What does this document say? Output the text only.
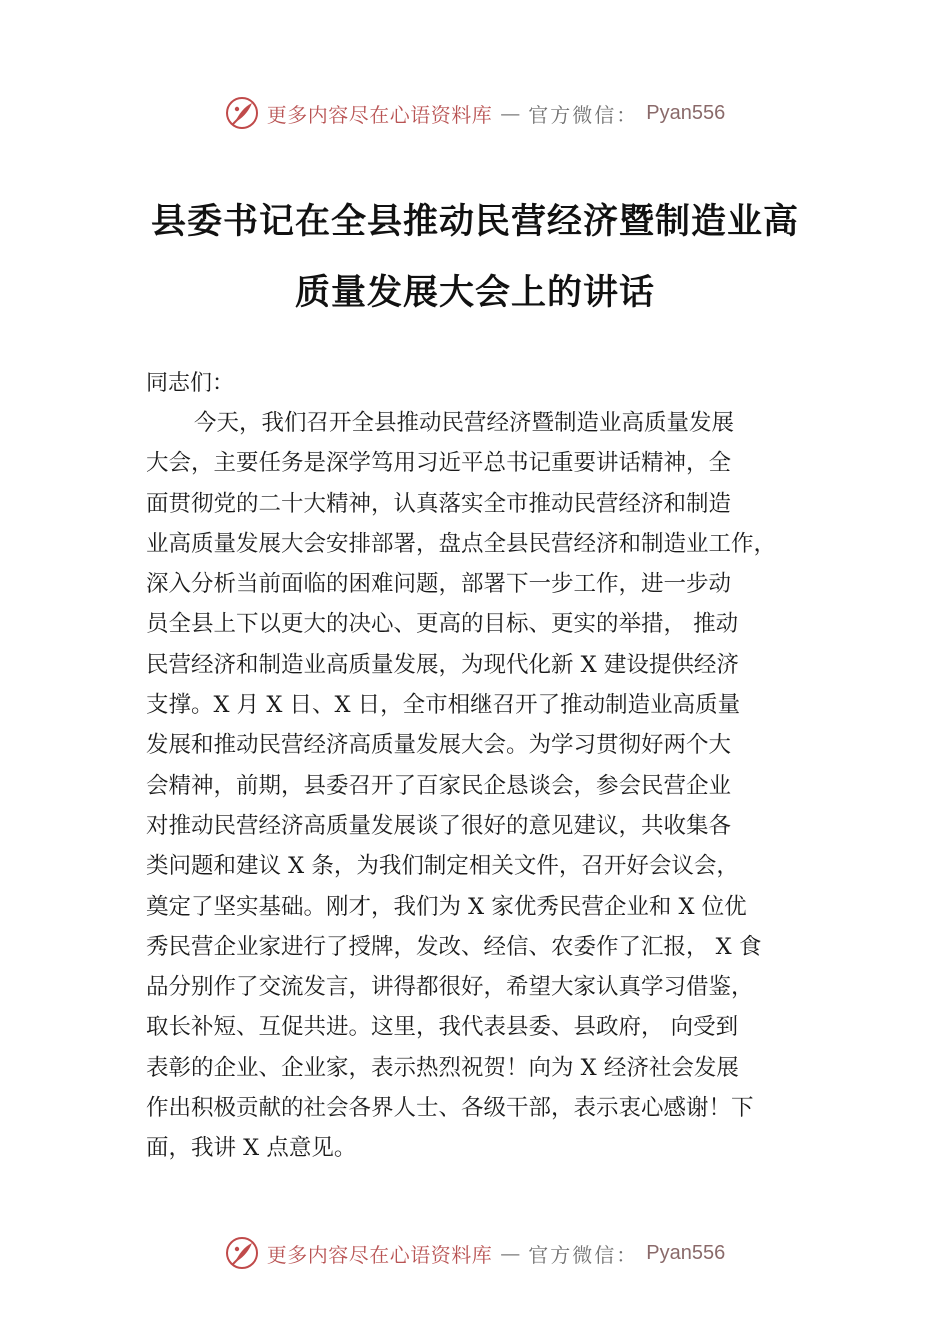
更多内容尽在心语资料库 — 官方微信： Pyan556
县委书记在全县推动民营经济暨制造业高
质量发展大会上的讲话
同志们：
今天，我们召开全县推动民营经济暨制造业高质量发展
大会，主要任务是深学笃用习近平总书记重要讲话精神，全
面贯彻党的二十大精神，认真落实全市推动民营经济和制造
业高质量发展大会安排部署，盘点全县民营经济和制造业工作，
深入分析当前面临的困难问题，部署下一步工作，进一步动
员全县上下以更大的决心、更高的目标、更实的举措， 推动
民营经济和制造业高质量发展，为现代化新 X 建设提供经济
支撑。X 月 X 日、X 日，全市相继召开了推动制造业高质量
发展和推动民营经济高质量发展大会。为学习贯彻好两个大
会精神，前期，县委召开了百家民企恳谈会，参会民营企业
对推动民营经济高质量发展谈了很好的意见建议，共收集各
类问题和建议 X 条，为我们制定相关文件，召开好会议会，
奠定了坚实基础。刚才，我们为 X 家优秀民营企业和 X 位优
秀民营企业家进行了授牌，发改、经信、农委作了汇报， X 食
品分别作了交流发言，讲得都很好，希望大家认真学习借鉴，
取长补短、互促共进。这里，我代表县委、县政府， 向受到
表彰的企业、企业家，表示热烈祝贺！向为 X 经济社会发展
作出积极贡献的社会各界人士、各级干部，表示衷心感谢！下
面，我讲 X 点意见。
更多内容尽在心语资料库 — 官方微信： Pyan556
